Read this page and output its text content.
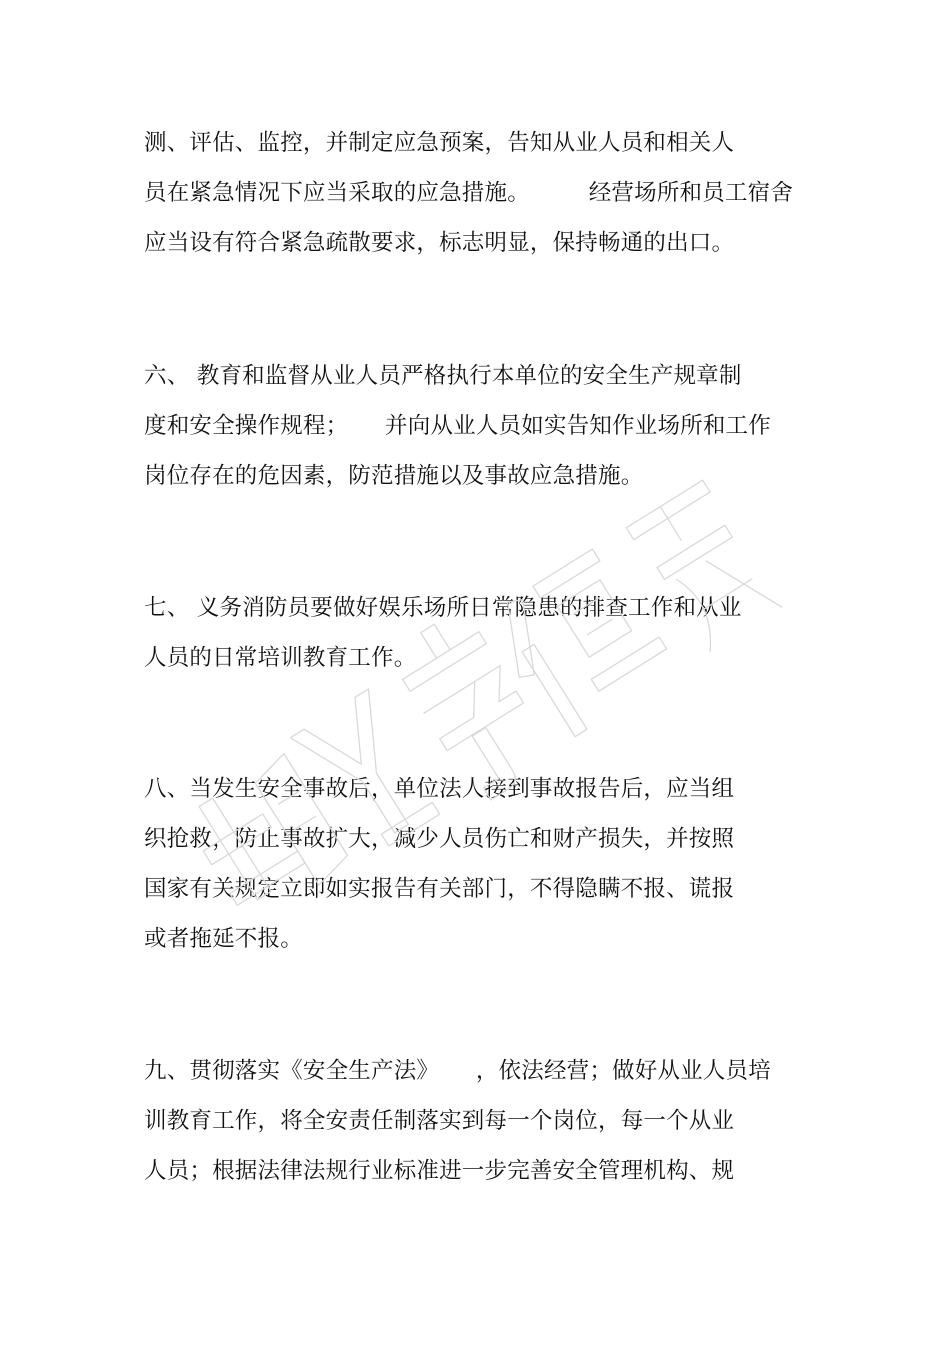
测、评估、监控，并制定应急预案，告知从业人员和相关人
员在紧急情况下应当采取的应急措施。        经营场所和员工宿舍
应当设有符合紧急疏散要求，标志明显，保持畅通的出口。
六、 教育和监督从业人员严格执行本单位的安全生产规章制
度和安全操作规程；     并向从业人员如实告知作业场所和工作
岗位存在的危因素，防范措施以及事故应急措施。
七、 义务消防员要做好娱乐场所日常隐患的排查工作和从业
人员的日常培训教育工作。
八、当发生安全事故后，单位法人接到事故报告后，应当组
织抢救，防止事故扩大，减少人员伤亡和财产损失，并按照
国家有关规定立即如实报告有关部门，不得隐瞒不报、谎报
或者拖延不报。
九、贯彻落实《安全生产法》     ，依法经营；做好从业人员培
训教育工作，将全安责任制落实到每一个岗位，每一个从业
人员；根据法律法规行业标准进一步完善安全管理机构、规
